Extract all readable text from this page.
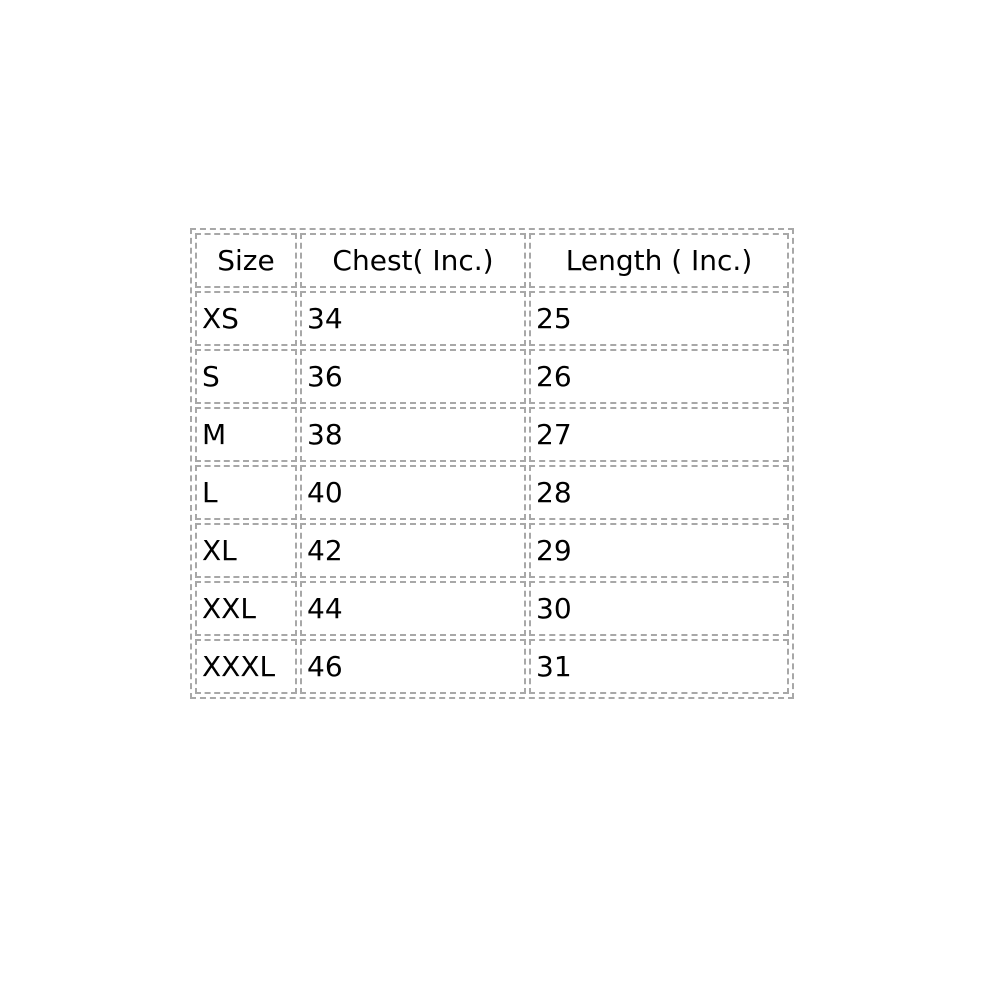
Size	Chest( Inc.)	Length ( Inc.)
XS	34	25
S	36	26
M	38	27
L	40	28
XL	42	29
XXL	44	30
XXXL	46	31
